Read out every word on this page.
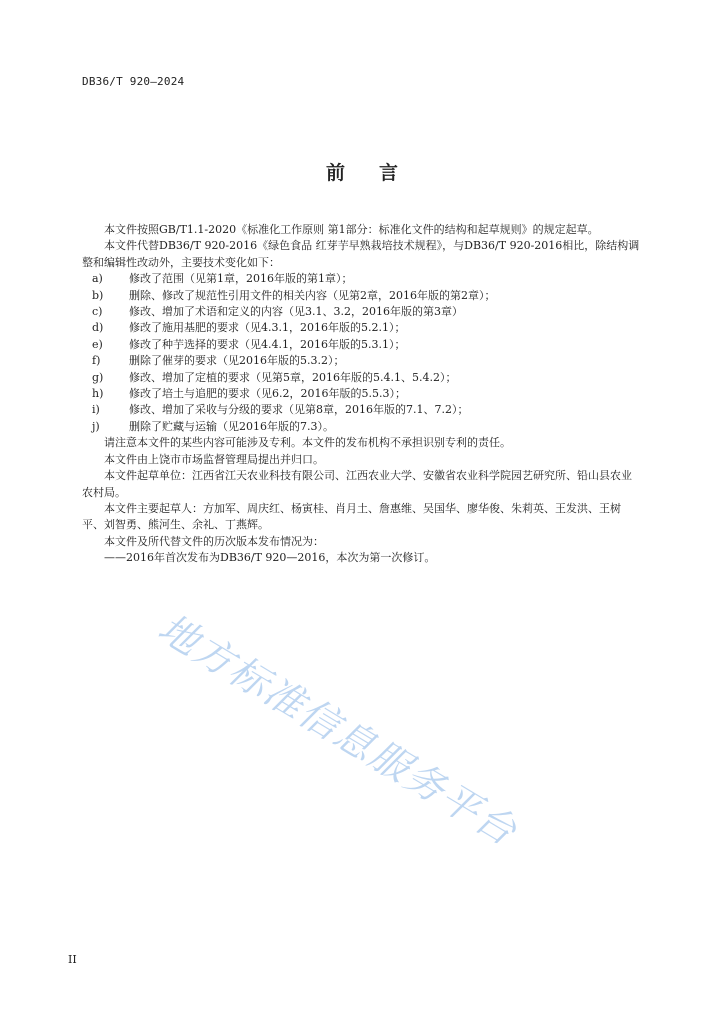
DB36/T 920—2024
前言

本文件按照GB/T1.1-2020《标准化工作原则 第1部分：标准化文件的结构和起草规则》的规定起草。

本文件代替DB36/T 920-2016《绿色食品 红芽芋早熟栽培技术规程》，与DB36/T 920-2016相比，除结构调整和编辑性改动外，主要技术变化如下：

a)	修改了范围（见第1章，2016年版的第1章）；
b)	删除、修改了规范性引用文件的相关内容（见第2章，2016年版的第2章）；
c)	修改、增加了术语和定义的内容（见3.1、3.2，2016年版的第3章）
d)	修改了施用基肥的要求（见4.3.1，2016年版的5.2.1）；
e)	修改了种芋选择的要求（见4.4.1，2016年版的5.3.1）；
f)	删除了催芽的要求（见2016年版的5.3.2）；
g)	修改、增加了定植的要求（见第5章，2016年版的5.4.1、5.4.2）；
h)	修改了培土与追肥的要求（见6.2，2016年版的5.5.3）；
i)	修改、增加了采收与分级的要求（见第8章，2016年版的7.1、7.2）；
j)	删除了贮藏与运输（见2016年版的7.3）。

请注意本文件的某些内容可能涉及专利。本文件的发布机构不承担识别专利的责任。

本文件由上饶市市场监督管理局提出并归口。

本文件起草单位：江西省江天农业科技有限公司、江西农业大学、安徽省农业科学院园艺研究所、铅山县农业农村局。

本文件主要起草人：方加军、周庆红、杨寅桂、肖月土、詹惠维、吴国华、廖华俊、朱莉英、王发洪、王树平、刘智勇、熊河生、余礼、丁燕辉。

本文件及所代替文件的历次版本发布情况为：

——2016年首次发布为DB36/T 920—2016，本次为第一次修订。

地方标准信息服务平台
II
